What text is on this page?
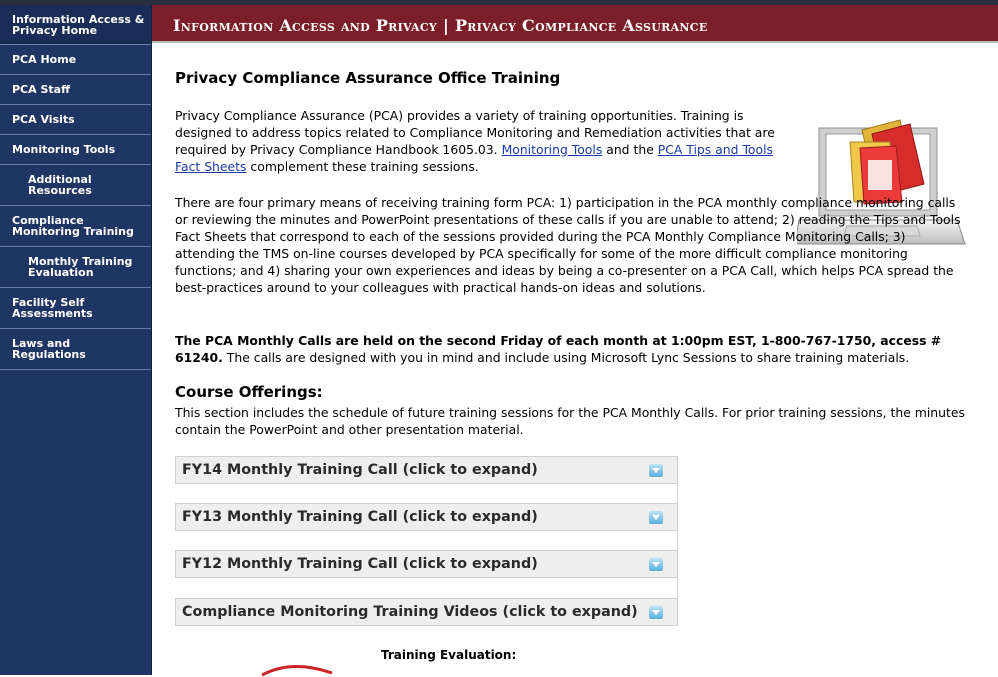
Information Access & Privacy Home
PCA Home
PCA Staff
PCA Visits
Monitoring Tools
Additional Resources
Compliance Monitoring Training
Monthly Training Evaluation
Facility Self Assessments
Laws and Regulations
Information Access and Privacy | Privacy Compliance Assurance
Privacy Compliance Assurance Office Training
Privacy Compliance Assurance (PCA) provides a variety of training opportunities. Training is designed to address topics related to Compliance Monitoring and Remediation activities that are required by Privacy Compliance Handbook 1605.03. Monitoring Tools and the PCA Tips and Tools Fact Sheets complement these training sessions.
There are four primary means of receiving training form PCA: 1) participation in the PCA monthly compliance monitoring calls or reviewing the minutes and PowerPoint presentations of these calls if you are unable to attend; 2) reading the Tips and Tools Fact Sheets that correspond to each of the sessions provided during the PCA Monthly Compliance Monitoring Calls; 3) attending the TMS on-line courses developed by PCA specifically for some of the more difficult compliance monitoring functions; and 4) sharing your own experiences and ideas by being a co-presenter on a PCA Call, which helps PCA spread the best-practices around to your colleagues with practical hands-on ideas and solutions.
The PCA Monthly Calls are held on the second Friday of each month at 1:00pm EST, 1-800-767-1750, access # 61240. The calls are designed with you in mind and include using Microsoft Lync Sessions to share training materials.
Course Offerings:
This section includes the schedule of future training sessions for the PCA Monthly Calls. For prior training sessions, the minutes contain the PowerPoint and other presentation material.
FY14 Monthly Training Call (click to expand)
FY13 Monthly Training Call (click to expand)
FY12 Monthly Training Call (click to expand)
Compliance Monitoring Training Videos (click to expand)
Training Evaluation:
